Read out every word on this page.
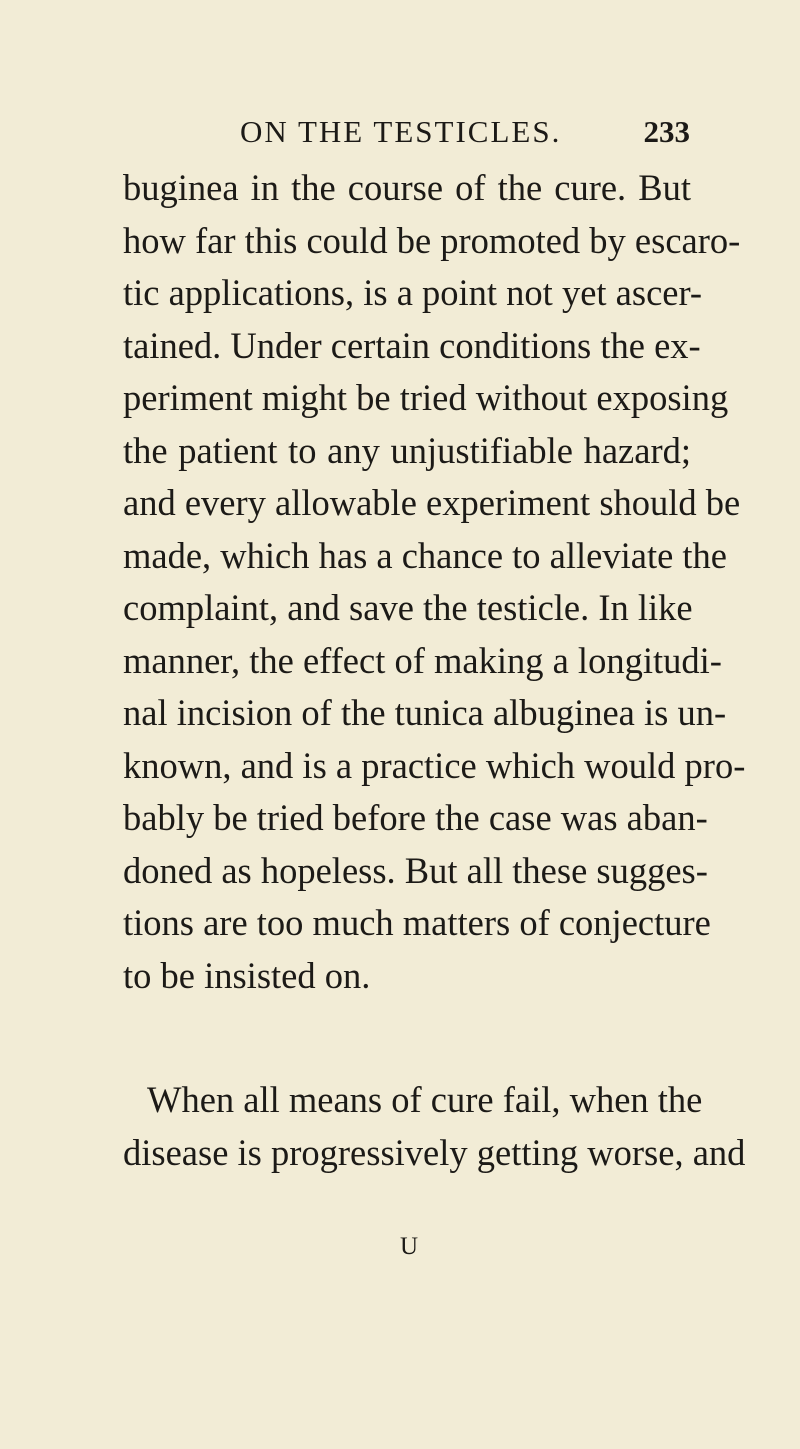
ON THE TESTICLES.	233
buginea in the course of the cure. But
how far this could be promoted by escaro-
tic applications, is a point not yet ascer-
tained. Under certain conditions the ex-
periment might be tried without exposing
the patient to any unjustifiable hazard;
and every allowable experiment should be
made, which has a chance to alleviate the
complaint, and save the testicle. In like
manner, the effect of making a longitudi-
nal incision of the tunica albuginea is un-
known, and is a practice which would pro-
bably be tried before the case was aban-
doned as hopeless. But all these sugges-
tions are too much matters of conjecture
to be insisted on.
When all means of cure fail, when the
disease is progressively getting worse, and
U
